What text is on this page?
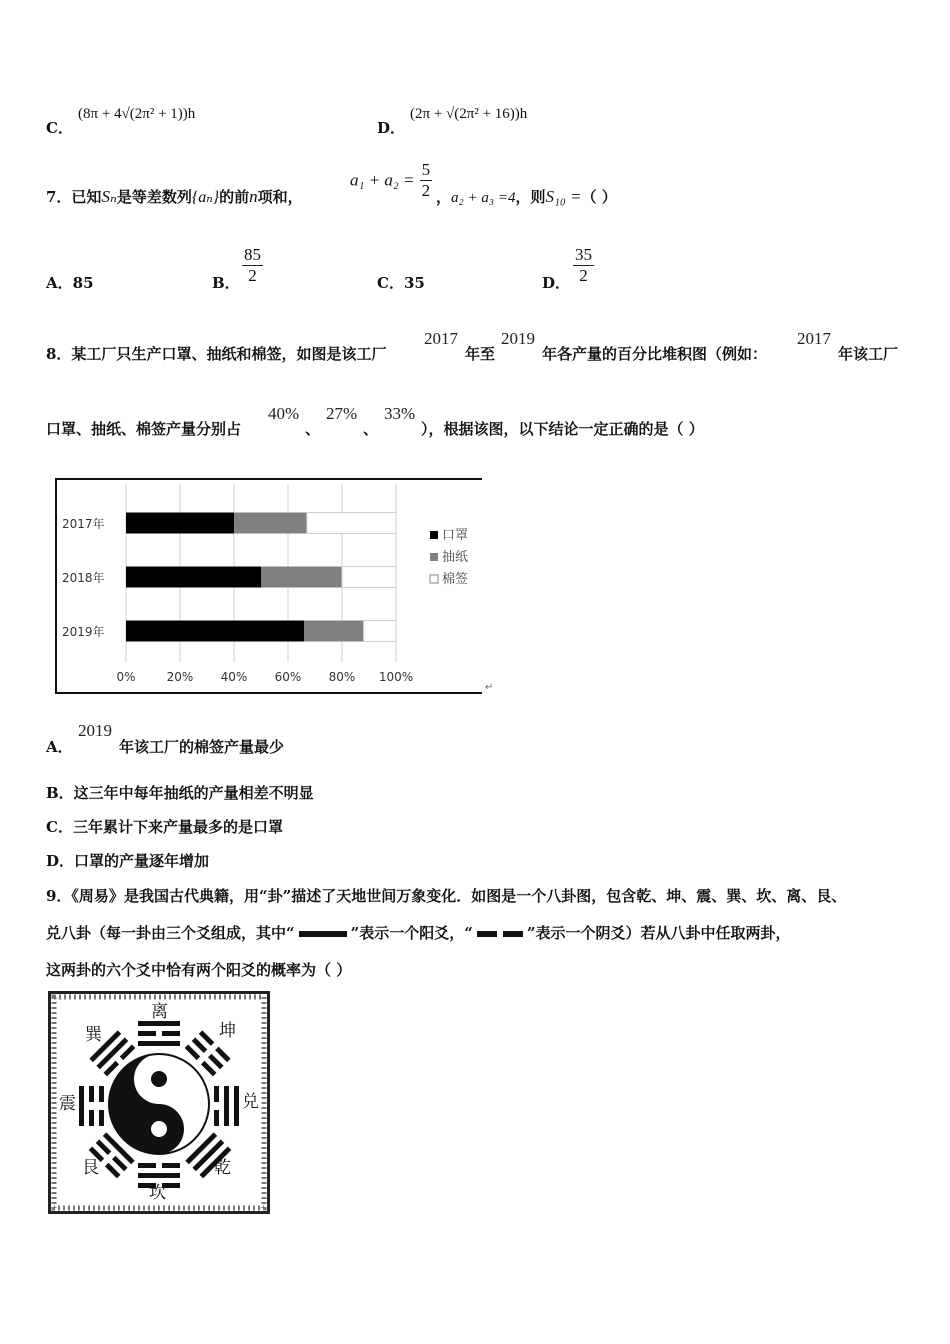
C．
(8π + 4√(2π² + 1))h
D．
(2π + √(2π² + 16))h
7．已知Sₙ是等差数列{aₙ}的前n项和，
$a_1 + a_2 = \frac{5}{2}$ ，a₂ + a₃ =4，则S₁₀ =（ ）
A．85	B． $\frac{85}{2}$	C．35	D． $\frac{35}{2}$
8．某工厂只生产口罩、抽纸和棉签，如图是该工厂
2017
年至
2019
年各产量的百分比堆积图（例如：
2017
年该工厂
口罩、抽纸、棉签产量分别占
40%
、
27%
、
33%
），根据该图，以下结论一定正确的是（ ）
0%	20% 40% 60% 80% 100%
2017年
2018年
2019年
口罩
抽纸
棉签
↵
A．
2019
年该工厂的棉签产量最少
B．这三年中每年抽纸的产量相差不明显
C．三年累计下来产量最多的是口罩
D．口罩的产量逐年增加
9．《周易》是我国古代典籍，用“卦”描述了天地世间万象变化．如图是一个八卦图，包含乾、坤、震、巽、坎、离、艮、
兑八卦（每一卦由三个爻组成，其中“	”表示一个阳爻，“	”表示一个阴爻）若从八卦中任取两卦，
这两卦的六个爻中恰有两个阳爻的概率为（ ）
离
坤
兑
乾
坎
艮
震
巽
